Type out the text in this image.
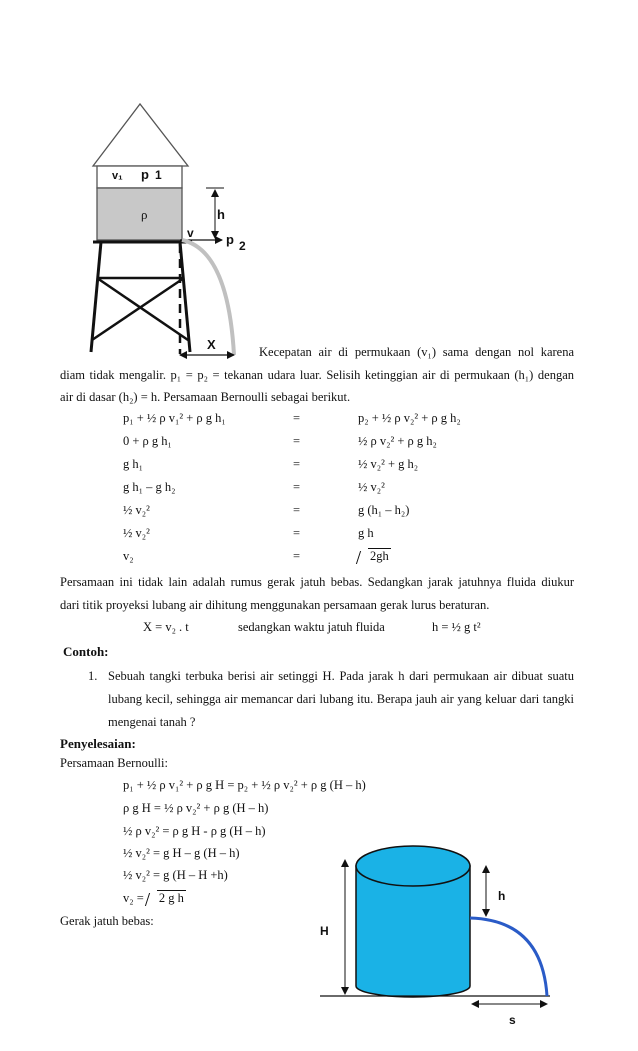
v₁ p 1
ρ	h
v p 2
X	Kecepatan air di permukaan (v₁) sama dengan nol karena
diam tidak mengalir. p₁ = p₂ = tekanan udara luar. Selisih ketinggian air di permukaan (h₁) dengan
air di dasar (h₂) = h. Persamaan Bernoulli sebagai berikut.
p₁ + ½ ρ v₁² + ρ g h₁	=	p₂ + ½ ρ v₂² + ρ g h₂
0 + ρ g h₁	=	½ ρ v₂² + ρ g h₂
g h₁	=	½ v₂² + g h₂
g h₁ – g h₂	=	½ v₂²
½ v₂²	=	g (h₁ – h₂)
½ v₂²	=	g h
v₂	=	2gh
Persamaan ini tidak lain adalah rumus gerak jatuh bebas. Sedangkan jarak jatuhnya fluida diukur
dari titik proyeksi lubang air dihitung menggunakan persamaan gerak lurus beraturan.
X = v₂ . t	sedangkan waktu jatuh fluida	h = ½ g t²
Contoh:
1. Sebuah tangki terbuka berisi air setinggi H. Pada jarak h dari permukaan air dibuat suatu lubang kecil, sehingga air memancar dari lubang itu. Berapa jauh air yang keluar dari tangki mengenai tanah ?
Penyelesaian:
Persamaan Bernoulli:
p₁ + ½ ρ v₁² + ρ g H = p₂ + ½ ρ v₂² + ρ g (H – h)
ρ g H = ½ ρ v₂² + ρ g (H – h)
½ ρ v₂² = ρ g H - ρ g (H – h)
½ v₂² = g H – g (H – h)
½ v₂² = g (H – H +h)
v₂ = 2 g h
Gerak jatuh bebas:
h
H
s
